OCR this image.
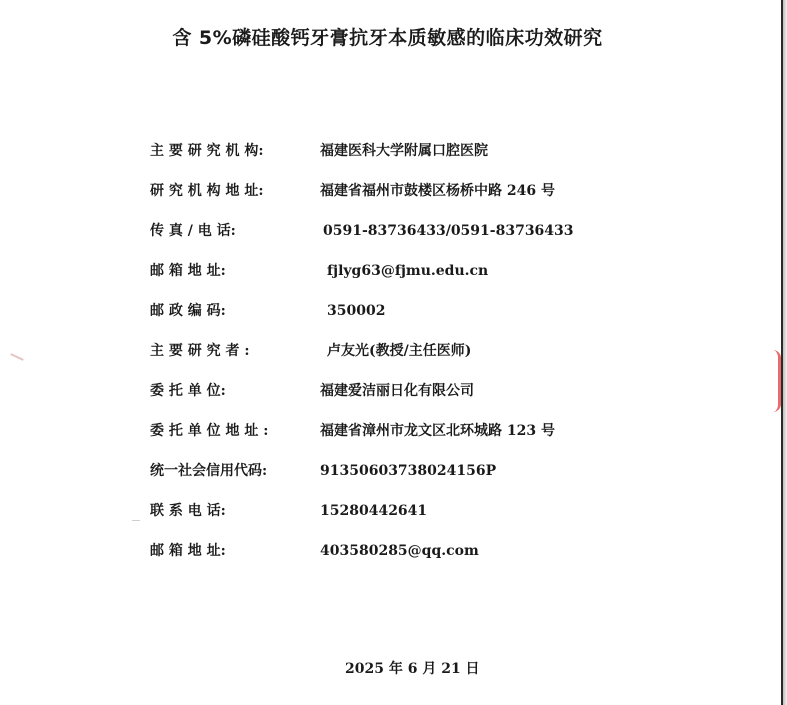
含 5%磷硅酸钙牙膏抗牙本质敏感的临床功效研究
主 要 研 究 机 构:	福建医科大学附属口腔医院
研 究 机 构 地 址:	福建省福州市鼓楼区杨桥中路 246 号
传 真 / 电 话:	0591-83736433/0591-83736433
邮 箱 地 址:	fjlyg63@fjmu.edu.cn
邮 政 编 码:	350002
主 要 研 究 者 :	卢友光(教授/主任医师)
委 托 单 位:	福建爱洁丽日化有限公司
委 托 单 位 地 址 :	福建省漳州市龙文区北环城路 123 号
统一社会信用代码:	91350603738024156P
联 系 电 话:	15280442641
邮 箱 地 址:	403580285@qq.com
2025 年 6 月 21 日
